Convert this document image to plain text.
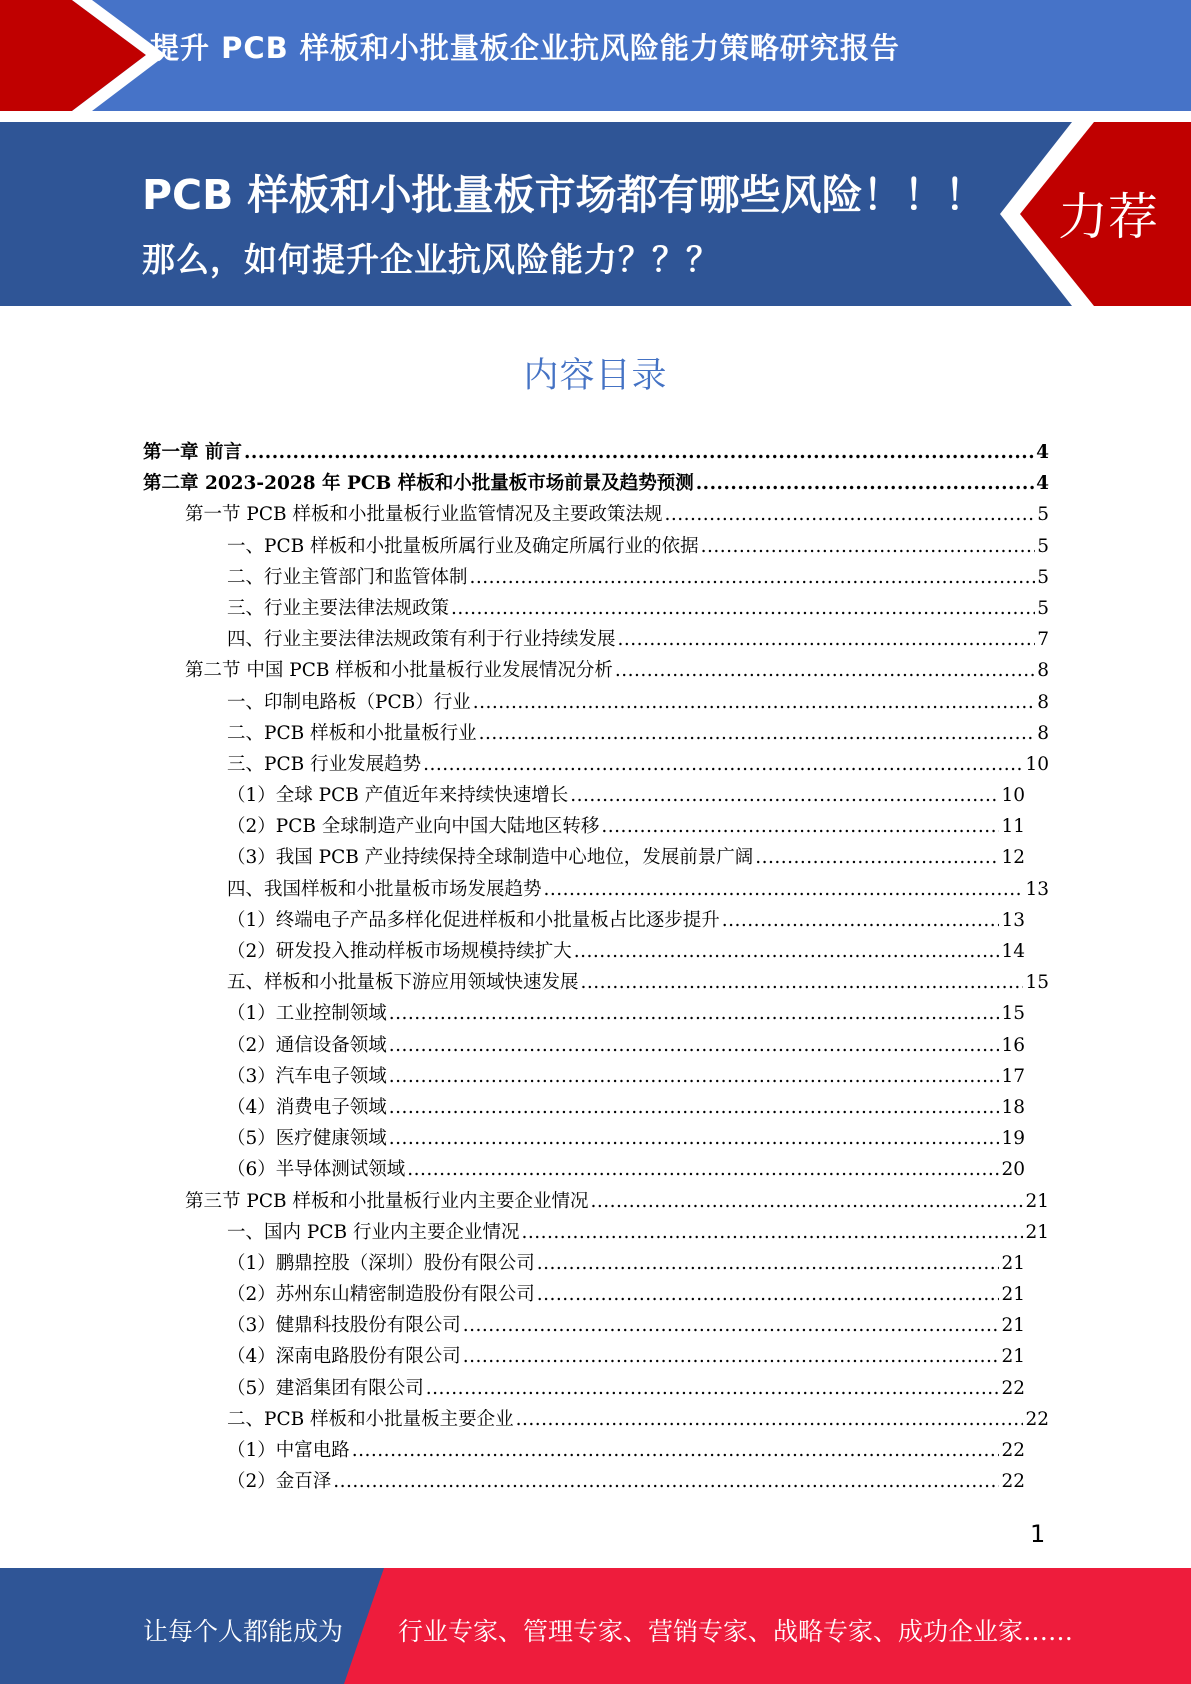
提升 PCB 样板和小批量板企业抗风险能力策略研究报告
PCB 样板和小批量板市场都有哪些风险！！！
那么，如何提升企业抗风险能力？？？
力荐
内容目录
第一章 前言 .....	4
第二章 2023-2028 年 PCB 样板和小批量板市场前景及趋势预测 .....	4
第一节 PCB 样板和小批量板行业监管情况及主要政策法规 .....	5
一、PCB 样板和小批量板所属行业及确定所属行业的依据 .....	5
二、行业主管部门和监管体制 .....	5
三、行业主要法律法规政策 .....	5
四、行业主要法律法规政策有利于行业持续发展 .....	7
第二节 中国 PCB 样板和小批量板行业发展情况分析 .....	8
一、印制电路板（PCB）行业 .....	8
二、PCB 样板和小批量板行业 .....	8
三、PCB 行业发展趋势 .....	10
（1）全球 PCB 产值近年来持续快速增长 .....	10
（2）PCB 全球制造产业向中国大陆地区转移 .....	11
（3）我国 PCB 产业持续保持全球制造中心地位，发展前景广阔 .....	12
四、我国样板和小批量板市场发展趋势 .....	13
（1）终端电子产品多样化促进样板和小批量板占比逐步提升 .....	13
（2）研发投入推动样板市场规模持续扩大 .....	14
五、样板和小批量板下游应用领域快速发展 .....	15
（1）工业控制领域 .....	15
（2）通信设备领域 .....	16
（3）汽车电子领域 .....	17
（4）消费电子领域 .....	18
（5）医疗健康领域 .....	19
（6）半导体测试领域 .....	20
第三节 PCB 样板和小批量板行业内主要企业情况 .....	21
一、国内 PCB 行业内主要企业情况 .....	21
（1）鹏鼎控股（深圳）股份有限公司 .....	21
（2）苏州东山精密制造股份有限公司 .....	21
（3）健鼎科技股份有限公司 .....	21
（4）深南电路股份有限公司 .....	21
（5）建滔集团有限公司 .....	22
二、PCB 样板和小批量板主要企业 .....	22
（1）中富电路 .....	22
（2）金百泽 .....	22
1
让每个人都能成为 行业专家、管理专家、营销专家、战略专家、成功企业家……
